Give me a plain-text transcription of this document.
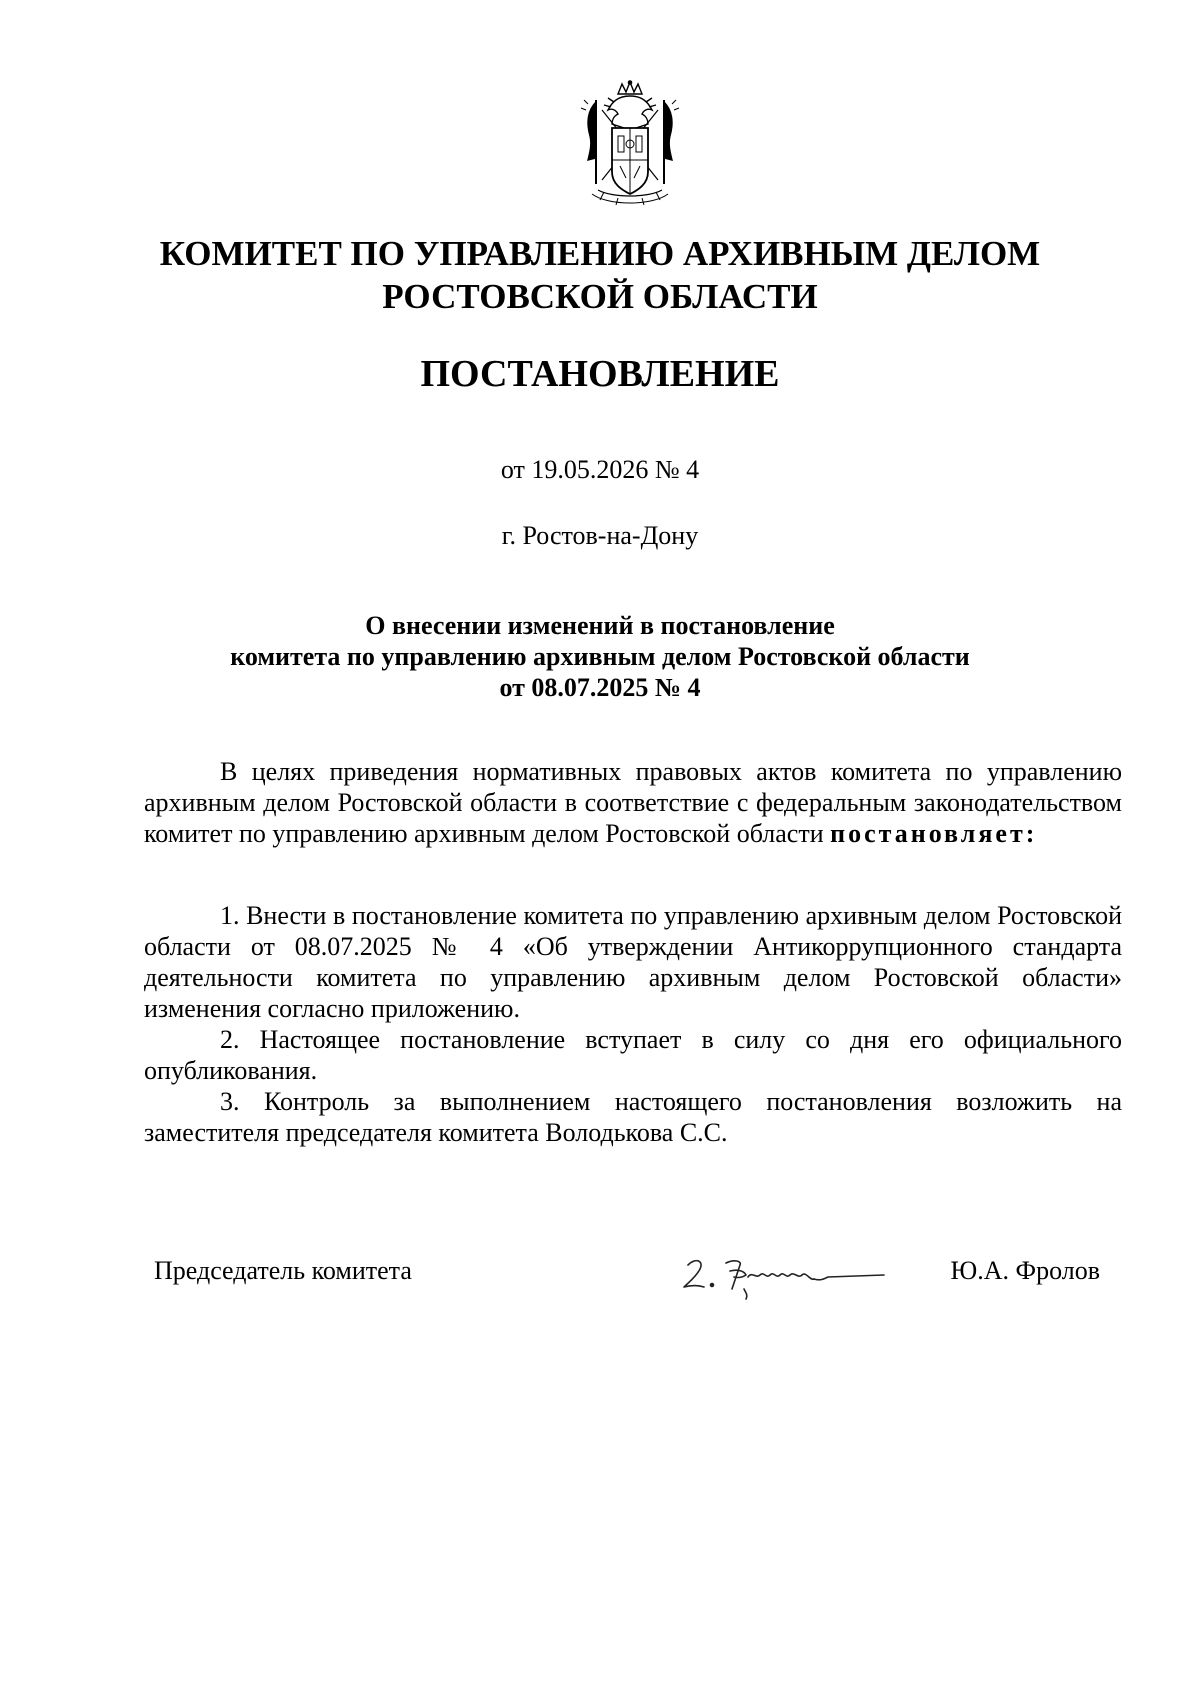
КОМИТЕТ ПО УПРАВЛЕНИЮ АРХИВНЫМ ДЕЛОМ
РОСТОВСКОЙ ОБЛАСТИ
ПОСТАНОВЛЕНИЕ
от 19.05.2026 № 4
г. Ростов-на-Дону
О внесении изменений в постановление
комитета по управлению архивным делом Ростовской области
от 08.07.2025 № 4

В целях приведения нормативных правовых актов комитета по управлению архивным делом Ростовской области в соответствие с федеральным законодательством комитет по управлению архивным делом Ростовской области постановляет:

1. Внести в постановление комитета по управлению архивным делом Ростовской области от 08.07.2025 № 4 «Об утверждении Антикоррупционного стандарта деятельности комитета по управлению архивным делом Ростовской области» изменения согласно приложению.

2. Настоящее постановление вступает в силу со дня его официального опубликования.

3. Контроль за выполнением настоящего постановления возложить на заместителя председателя комитета Володькова С.С.

Председатель комитета	Ю.А. Фролов
